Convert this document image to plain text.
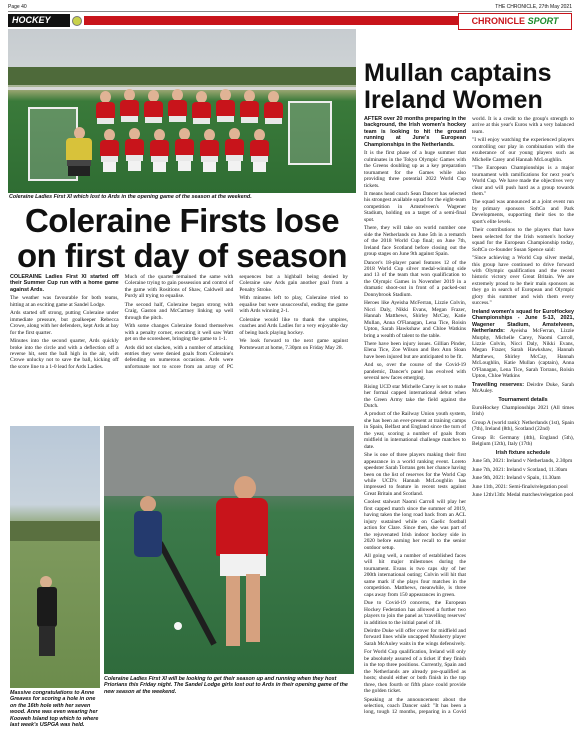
Page 40	THE CHRONICLE, 27th May 2021
HOCKEY	CHRONICLE SPORT
Coleraine Ladies First XI which lost to Ards in the opening game of the season at the weekend.
Mullan captains Ireland Women
Coleraine Firsts lose on first day of season

COLERAINE Ladies First XI started off their Summer Cup run with a home game against Ards.

The weather was favourable for both teams, hitting at an exciting game at Sandel Lodge.

Ards started off strong, putting Coleraine under immediate pressure, but goalkeeper Rebecca Crowe, along with her defenders, kept Ards at bay for the first quarter.

Minutes into the second quarter, Ards quickly broke into the circle and with a deflection off a reverse hit, sent the ball high in the air, with Crowe unlucky not to save the ball, kicking off the score line to a 1-0 lead for Ards Ladies.

Much of the quarter remained the same with Coleraine trying to gain possession and control of the game with Rositions of Shaw, Caldwell and Purdy all trying to equalise.

The second half, Coleraine began strong with Craig, Gaston and McCartney linking up well through the pitch.

With some changes Coleraine found themselves with a penalty corner, executing it well saw Watt get on the scoresheet, bringing the game to 1-1.

Ards did not slacken, with a number of attacking entries they were denied goals from Coleraine's defending on numerous occasions. Ards were unfortunate not to score from an array of PC sequences but a highball being denied by Coleraine saw Ards gain another goal from a Penalty Stroke.

With minutes left to play, Coleraine tried to equalise but were unsuccessful, ending the game with Ards winning 2-1.

Coleraine would like to thank the umpires, coaches and Ards Ladies for a very enjoyable day of being back playing hockey.

We look forward to the next game against Portstewart at home, 7.30pm on Friday May 28.

Massive congratulations to Anne Greaves for scoring a hole in one on the 16th hole with her seven wood. Anne was even wearing her Kooweh Island top which to where last week's USPGA was held.
Coleraine Ladies First XI will be looking to get their season up and running when they host Priorians this Friday night. The Sandel Lodge girls lost out to Ards in their opening game of the new season at the weekend.

AFTER over 20 months preparing in the background, the Irish women's hockey team is looking to hit the ground running at June's European Championships in the Netherlands.

It is the first phase of a huge summer that culminates in the Tokyo Olympic Games with the Greens doubling up as a key preparation tournament for the Games while also providing three potential 2022 World Cup tickets.

It means head coach Sean Dancer has selected his strongest available squad for the eight-team competition in Amstelveen's Wagener Stadium, holding on a target of a semi-final spot.

There, they will take on world number one side the Netherlands on June 5th in a rematch of the 2018 World Cup final; on June 7th, Ireland face Scotland before closing out the group stages on June 9th against Spain.

Dancer's 18-player panel features 12 of the 2018 World Cup silver medal-winning side and 13 of the team that won qualification to the Olympic Games in November 2019 in a dramatic shoot-out in front of a packed-out Donnybrook Stadium.

Heroes like Ayeisha McFerran, Lizzie Colvin, Nicci Daly, Nikki Evans, Megan Frazer, Hannah Matthews, Shirley McCay, Katie Mullan, Anna O'Flanagan, Lena Tice, Roisin Upton, Sarah Hawkshaw and Chloe Watkins bring a wealth of talent to the table.

There have been injury issues. Gillian Pinder, Elena Tice, Zoe Wilson and Bex Ann Sloan have been injured but are anticipated to be fit.

And so, over the course of the Covid-19 pandemic, Dancer's panel has evolved with several new faces emerging.

Rising UCD star Michelle Carey is set to make her formal capped international debut when the Green Army take the field against the Dutch.

A product of the Railway Union youth system, she has been an ever-present at training camps in Spain, Belfast and England since the turn of the year, scoring a number of goals from midfield in international challenge matches to date.

She is one of three players making their first appearance in a world ranking event. Loreto speedster Sarah Torrans gets her chance having been on the list of reserves for the World Cup while UCD's Hannah McLoughlin has impressed to feature in recent tests against Great Britain and Scotland.

Coolest stalwart Naomi Carroll will play her first capped match since the summer of 2019, having taken the long road back from an ACL injury sustained while on Gaelic football action for Clare. Since then, she was part of the rejuvenated Irish indoor hockey side in 2020 before earning her recall to the senior outdoor setup.

All going well, a number of established faces will hit major milestones during the tournament. Evans is two caps shy of her 200th international outing; Colvin will hit that same mark if she plays four matches in the competition. Matthews, meanwhile, is three caps away from 150 appearances in green.

Due to Covid-19 concerns, the European Hockey Federation has allowed a further two players to join the panel as 'travelling reserves' in addition to the initial panel of 18.

Deirdre Duke will offer cover for midfield and forward lines while uncapped Muskerry player Sarah McAuley waits in the wings defensively.

For World Cup qualification, Ireland will only be absolutely assured of a ticket if they finish in the top three positions. Currently, Spain and the Netherlands are already pre-qualified as hosts; should either or both finish in the top three, then fourth or fifth place could provide the golden ticket.

Speaking at the announcement about the selection, coach Dancer said: "It has been a long, tough 12 months, preparing in a Covid world. It is a credit to the group's strength to arrive at this year's Euros with a very balanced team.

"I will enjoy watching the experienced players controlling our play in combination with the exuberance of our young players such as Michelle Carey and Hannah McLoughlin.

"The European Championships is a major tournament with ramifications for next year's World Cup. We have made the objectives very clear and will push hard as a group towards them."

The squad was announced at a joint event run by primary sponsors SoftCo and Park Developments, supporting their ties to the sport's elite levels.

Their contributions to the players that have been selected for the Irish women's hockey squad for the European Championship today, SoftCo co-founder Susan Spence said:

"Since achieving a World Cup silver medal, this group have continued to drive forward with Olympic qualification and the recent historic victory over Great Britain. We are extremely proud to be their main sponsors as they go in search of European and Olympic glory this summer and wish them every success."

Ireland women's squad for EuroHockey Championships - June 5-13, 2021, Wagener Stadium, Amstelveen, Netherlands: Ayeisha McFerran, Lizzie Murphy, Michelle Carey, Naomi Carroll, Lizzie Colvin, Nicci Daly, Nikki Evans, Megan Frazer, Sarah Hawkshaw, Hannah Matthews, Shirley McCay, Hannah McLoughlin, Katie Mullan (captain), Anna O'Flanagan, Lena Tice, Sarah Torrans, Roisin Upton, Chloe Watkins

Travelling reserves: Deirdre Duke, Sarah McAuley.

Tournament details

EuroHockey Championships 2021 (All times Irish)

Group A (world rank): Netherlands (1st), Spain (7th), Ireland (8th), Scotland (22nd)

Group B: Germany (4th), England (5th), Belgium (12th), Italy (17th)

Irish fixture schedule

June 5th, 2021: Ireland v Netherlands, 2.30pm

June 7th, 2021: Ireland v Scotland, 11.30am

June 9th, 2021: Ireland v Spain, 11.30am

June 11th, 2021: Semi-finals/relegation pool

June 12th/13th: Medal matches/relegation pool
